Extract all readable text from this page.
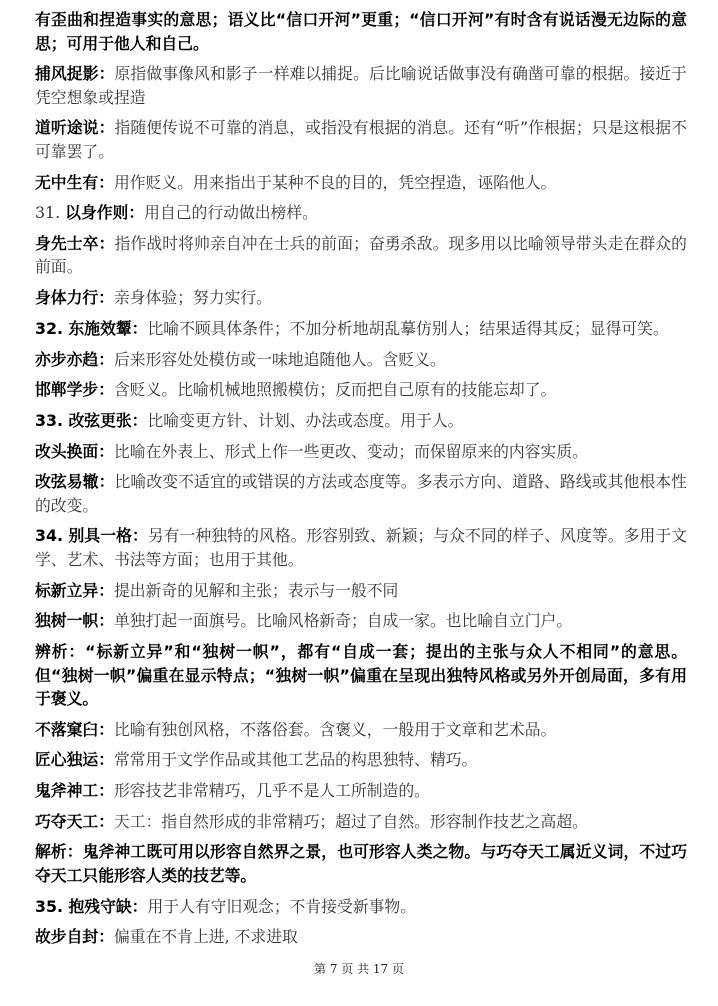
有歪曲和捏造事实的意思；语义比“信口开河”更重；“信口开河”有时含有说话漫无边际的意思；可用于他人和自己。

捕风捉影：原指做事像风和影子一样难以捕捉。后比喻说话做事没有确凿可靠的根据。接近于凭空想象或捏造

道听途说：指随便传说不可靠的消息，或指没有根据的消息。还有“听”作根据；只是这根据不可靠罢了。

无中生有：用作贬义。用来指出于某种不良的目的，凭空捏造，诬陷他人。

31. 以身作则：用自己的行动做出榜样。

身先士卒：指作战时将帅亲自冲在士兵的前面；奋勇杀敌。现多用以比喻领导带头走在群众的前面。

身体力行：亲身体验；努力实行。

32. 东施效颦：比喻不顾具体条件；不加分析地胡乱摹仿别人；结果适得其反；显得可笑。

亦步亦趋：后来形容处处模仿或一味地追随他人。含贬义。

邯郸学步：含贬义。比喻机械地照搬模仿；反而把自己原有的技能忘却了。

33. 改弦更张：比喻变更方针、计划、办法或态度。用于人。

改头换面：比喻在外表上、形式上作一些更改、变动；而保留原来的内容实质。

改弦易辙：比喻改变不适宜的或错误的方法或态度等。多表示方向、道路、路线或其他根本性的改变。

34. 别具一格：另有一种独特的风格。形容别致、新颖；与众不同的样子、风度等。多用于文学、艺术、书法等方面；也用于其他。

标新立异：提出新奇的见解和主张；表示与一般不同

独树一帜：单独打起一面旗号。比喻风格新奇；自成一家。也比喻自立门户。

辨析：“标新立异”和“独树一帜”，都有“自成一套；提出的主张与众人不相同”的意思。但“独树一帜”偏重在显示特点；“独树一帜”偏重在呈现出独特风格或另外开创局面，多有用于褒义。

不落窠臼：比喻有独创风格，不落俗套。含褒义，一般用于文章和艺术品。

匠心独运：常常用于文学作品或其他工艺品的构思独特、精巧。

鬼斧神工：形容技艺非常精巧，几乎不是人工所制造的。

巧夺天工：天工：指自然形成的非常精巧；超过了自然。形容制作技艺之高超。

解析：鬼斧神工既可用以形容自然界之景，也可形容人类之物。与巧夺天工属近义词，不过巧夺天工只能形容人类的技艺等。

35. 抱残守缺：用于人有守旧观念；不肯接受新事物。

故步自封：偏重在不肯上进, 不求进取

第 7 页 共 17 页
